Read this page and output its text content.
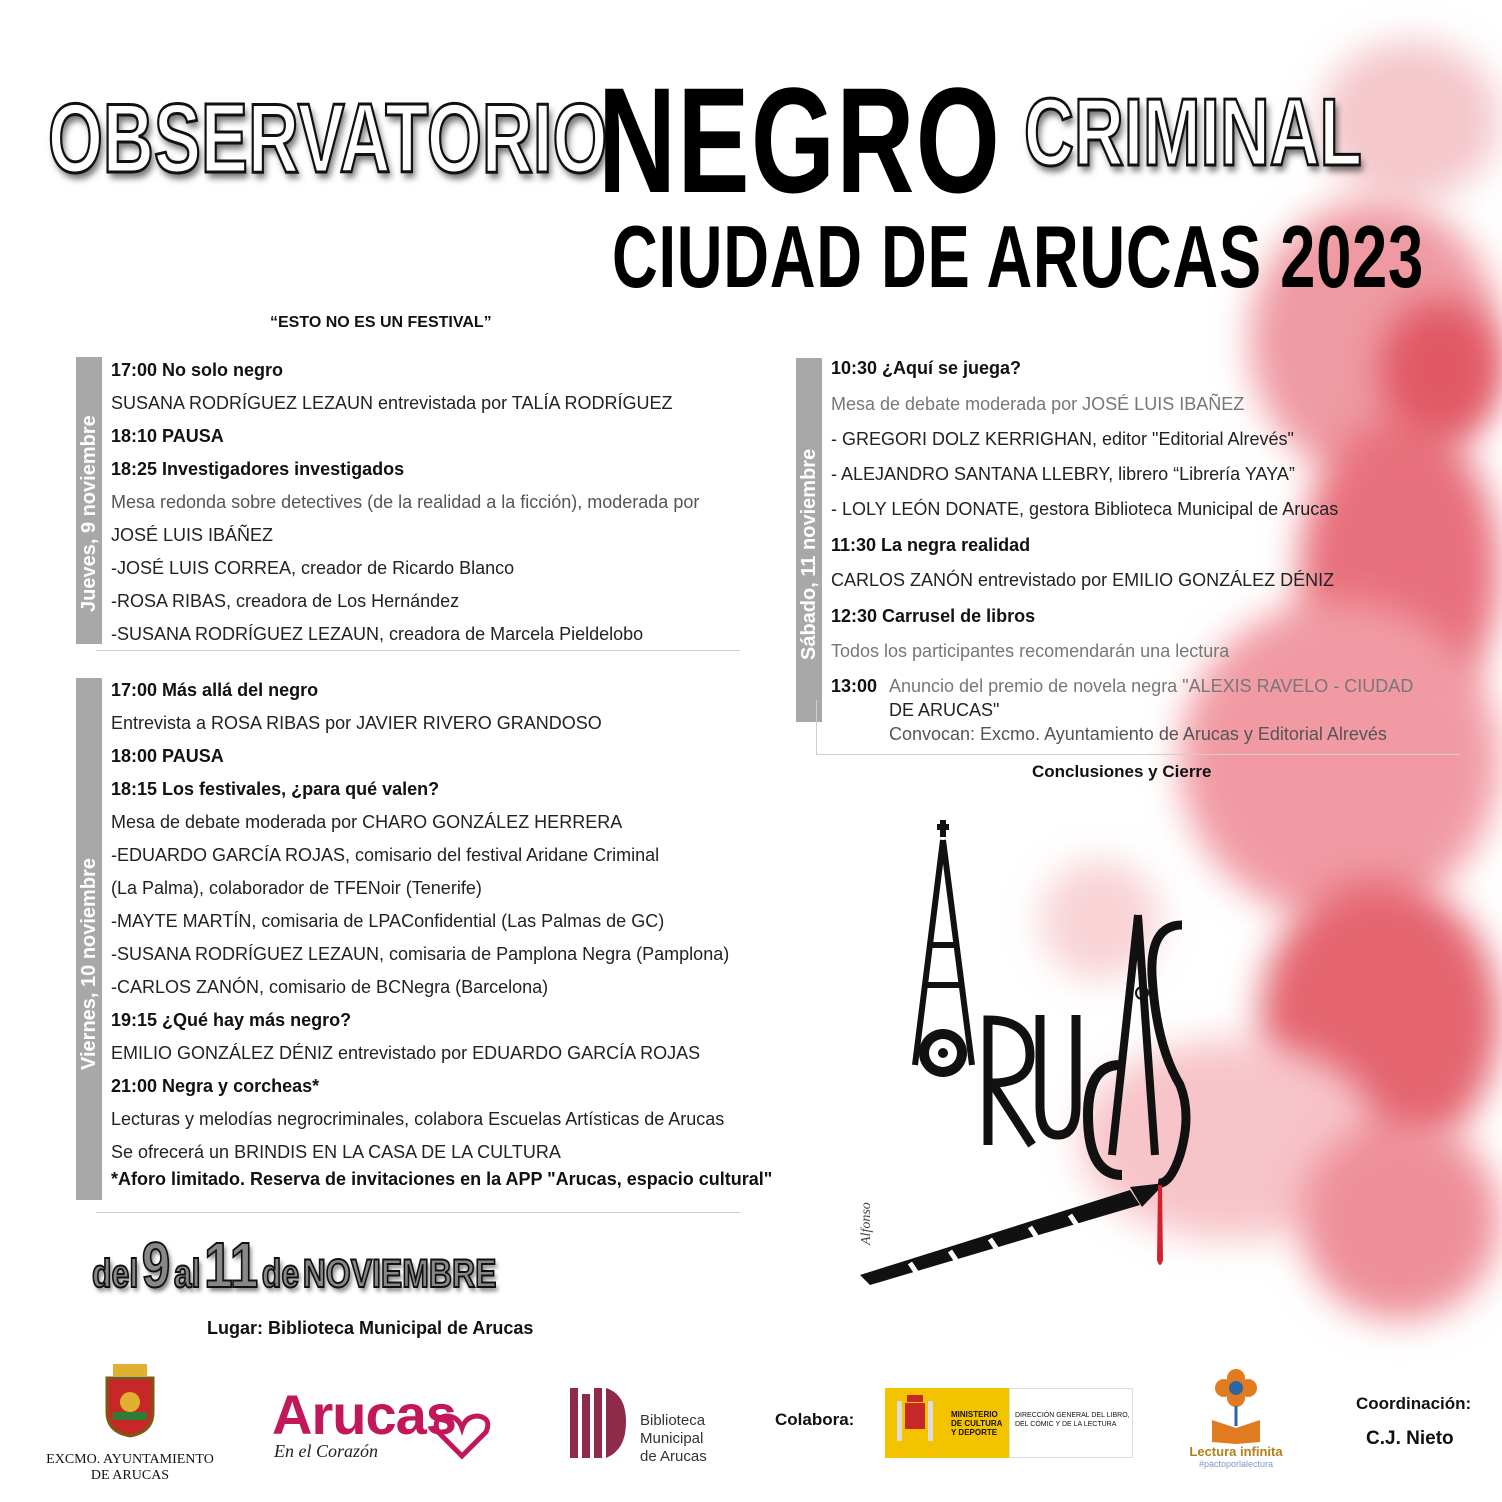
OBSERVATORIO
NEGRO CRIMINAL
CIUDAD DE ARUCAS 2023
“ESTO NO ES UN FESTIVAL”
Jueves, 9 noviembre
17:00 No solo negro
SUSANA RODRÍGUEZ LEZAUN entrevistada por TALÍA RODRÍGUEZ
18:10 PAUSA
18:25 Investigadores investigados
Mesa redonda sobre detectives (de la realidad a la ficción), moderada por
JOSÉ LUIS IBÁÑEZ
-JOSÉ LUIS CORREA, creador de Ricardo Blanco
-ROSA RIBAS, creadora de Los Hernández
-SUSANA RODRÍGUEZ LEZAUN, creadora de Marcela Pieldelobo
Viernes, 10 noviembre
17:00 Más allá del negro
Entrevista a ROSA RIBAS por JAVIER RIVERO GRANDOSO
18:00 PAUSA
18:15 Los festivales, ¿para qué valen?
Mesa de debate moderada por CHARO GONZÁLEZ HERRERA
-EDUARDO GARCÍA ROJAS, comisario del festival Aridane Criminal
(La Palma), colaborador de TFENoir (Tenerife)
-MAYTE MARTÍN, comisaria de LPAConfidential (Las Palmas de GC)
-SUSANA RODRÍGUEZ LEZAUN, comisaria de Pamplona Negra (Pamplona)
-CARLOS ZANÓN, comisario de BCNegra (Barcelona)
19:15 ¿Qué hay más negro?
EMILIO GONZÁLEZ DÉNIZ entrevistado por EDUARDO GARCÍA ROJAS
21:00 Negra y corcheas*
Lecturas y melodías negrocriminales, colabora Escuelas Artísticas de Arucas
Se ofrecerá un BRINDIS EN LA CASA DE LA CULTURA
*Aforo limitado. Reserva de invitaciones en la APP "Arucas, espacio cultural"
Sábado, 11 noviembre
10:30 ¿Aquí se juega?
Mesa de debate moderada por JOSÉ LUIS IBAÑEZ
- GREGORI DOLZ KERRIGHAN, editor "Editorial Alrevés"
- ALEJANDRO SANTANA LLEBRY, librero “Librería YAYA”
- LOLY LEÓN DONATE, gestora Biblioteca Municipal de Arucas
11:30 La negra realidad
CARLOS ZANÓN entrevistado por EMILIO GONZÁLEZ DÉNIZ
12:30 Carrusel de libros
Todos los participantes recomendarán una lectura
13:00 Anuncio del premio de novela negra "ALEXIS RAVELO - CIUDAD
DE ARUCAS"
Convocan: Excmo. Ayuntamiento de Arucas y Editorial Alrevés
Conclusiones y Cierre
Alfonso
del 9 al 11 de NOVIEMBRE
Lugar: Biblioteca Municipal de Arucas
EXCMO. AYUNTAMIENTO
DE ARUCAS
Arucas
En el Corazón
Biblioteca
Municipal
de Arucas
Colabora:	MINISTERIO
DE CULTURA
Y DEPORTE
DIRECCIÓN GENERAL DEL LIBRO,
DEL CÓMIC Y DE LA LECTURA
Lectura infinita
#pactoporlalectura
Coordinación:
C.J. Nieto
